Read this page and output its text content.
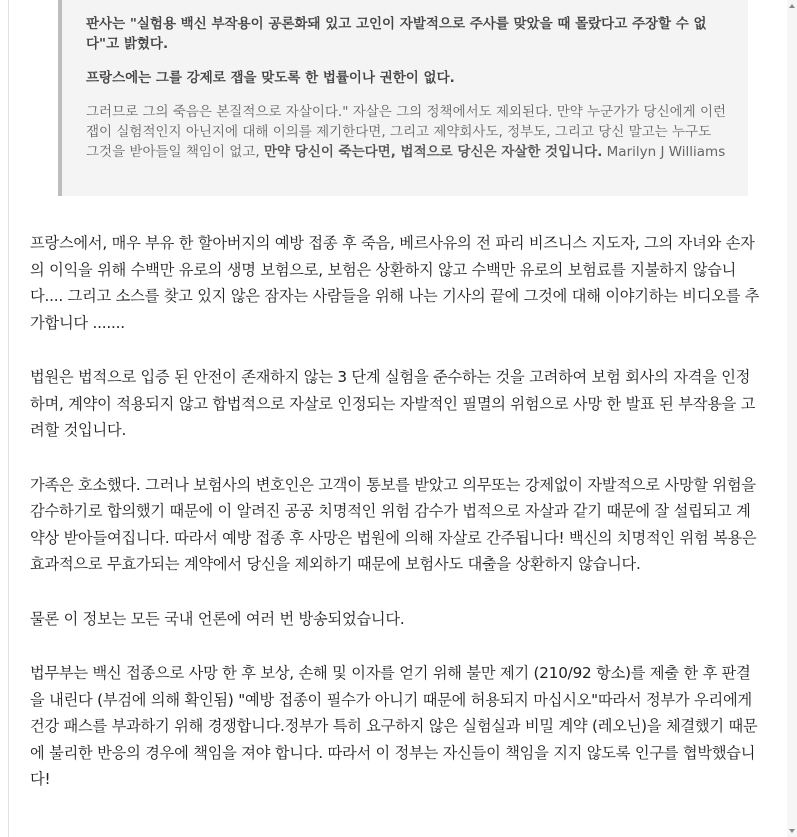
판사는 "실험용 백신 부작용이 공론화돼 있고 고인이 자발적으로 주사를 맞았을 때 몰랐다고 주장할 수 없다"고 밝혔다.

프랑스에는 그를 강제로 잽을 맞도록 한 법률이나 권한이 없다.

그러므로 그의 죽음은 본질적으로 자살이다." 자살은 그의 정책에서도 제외된다. 만약 누군가가 당신에게 이런 잽이 실험적인지 아닌지에 대해 이의를 제기한다면, 그리고 제약회사도, 정부도, 그리고 당신 말고는 누구도 그것을 받아들일 책임이 없고, 만약 당신이 죽는다면, 법적으로 당신은 자살한 것입니다. Marilyn J Williams

프랑스에서, 매우 부유 한 할아버지의 예방 접종 후 죽음, 베르사유의 전 파리 비즈니스 지도자, 그의 자녀와 손자의 이익을 위해 수백만 유로의 생명 보험으로, 보험은 상환하지 않고 수백만 유로의 보험료를 지불하지 않습니다.... 그리고 소스를 찾고 있지 않은 잠자는 사람들을 위해 나는 기사의 끝에 그것에 대해 이야기하는 비디오를 추가합니다 .......

법원은 법적으로 입증 된 안전이 존재하지 않는 3 단계 실험을 준수하는 것을 고려하여 보험 회사의 자격을 인정하며, 계약이 적용되지 않고 합법적으로 자살로 인정되는 자발적인 필멸의 위험으로 사망 한 발표 된 부작용을 고려할 것입니다.

가족은 호소했다. 그러나 보험사의 변호인은 고객이 통보를 받았고 의무또는 강제없이 자발적으로 사망할 위험을 감수하기로 합의했기 때문에 이 알려진 공공 치명적인 위험 감수가 법적으로 자살과 같기 때문에 잘 설립되고 계약상 받아들여집니다. 따라서 예방 접종 후 사망은 법원에 의해 자살로 간주됩니다! 백신의 치명적인 위험 복용은 효과적으로 무효가되는 계약에서 당신을 제외하기 때문에 보험사도 대출을 상환하지 않습니다.

물론 이 정보는 모든 국내 언론에 여러 번 방송되었습니다.

법무부는 백신 접종으로 사망 한 후 보상, 손해 및 이자를 얻기 위해 불만 제기 (210/92 항소)를 제출 한 후 판결을 내린다 (부검에 의해 확인됨) "예방 접종이 필수가 아니기 때문에 허용되지 마십시오"따라서 정부가 우리에게 건강 패스를 부과하기 위해 경쟁합니다.정부가 특히 요구하지 않은 실험실과 비밀 계약 (레오닌)을 체결했기 때문에 불리한 반응의 경우에 책임을 져야 합니다. 따라서 이 정부는 자신들이 책임을 지지 않도록 인구를 협박했습니다!
